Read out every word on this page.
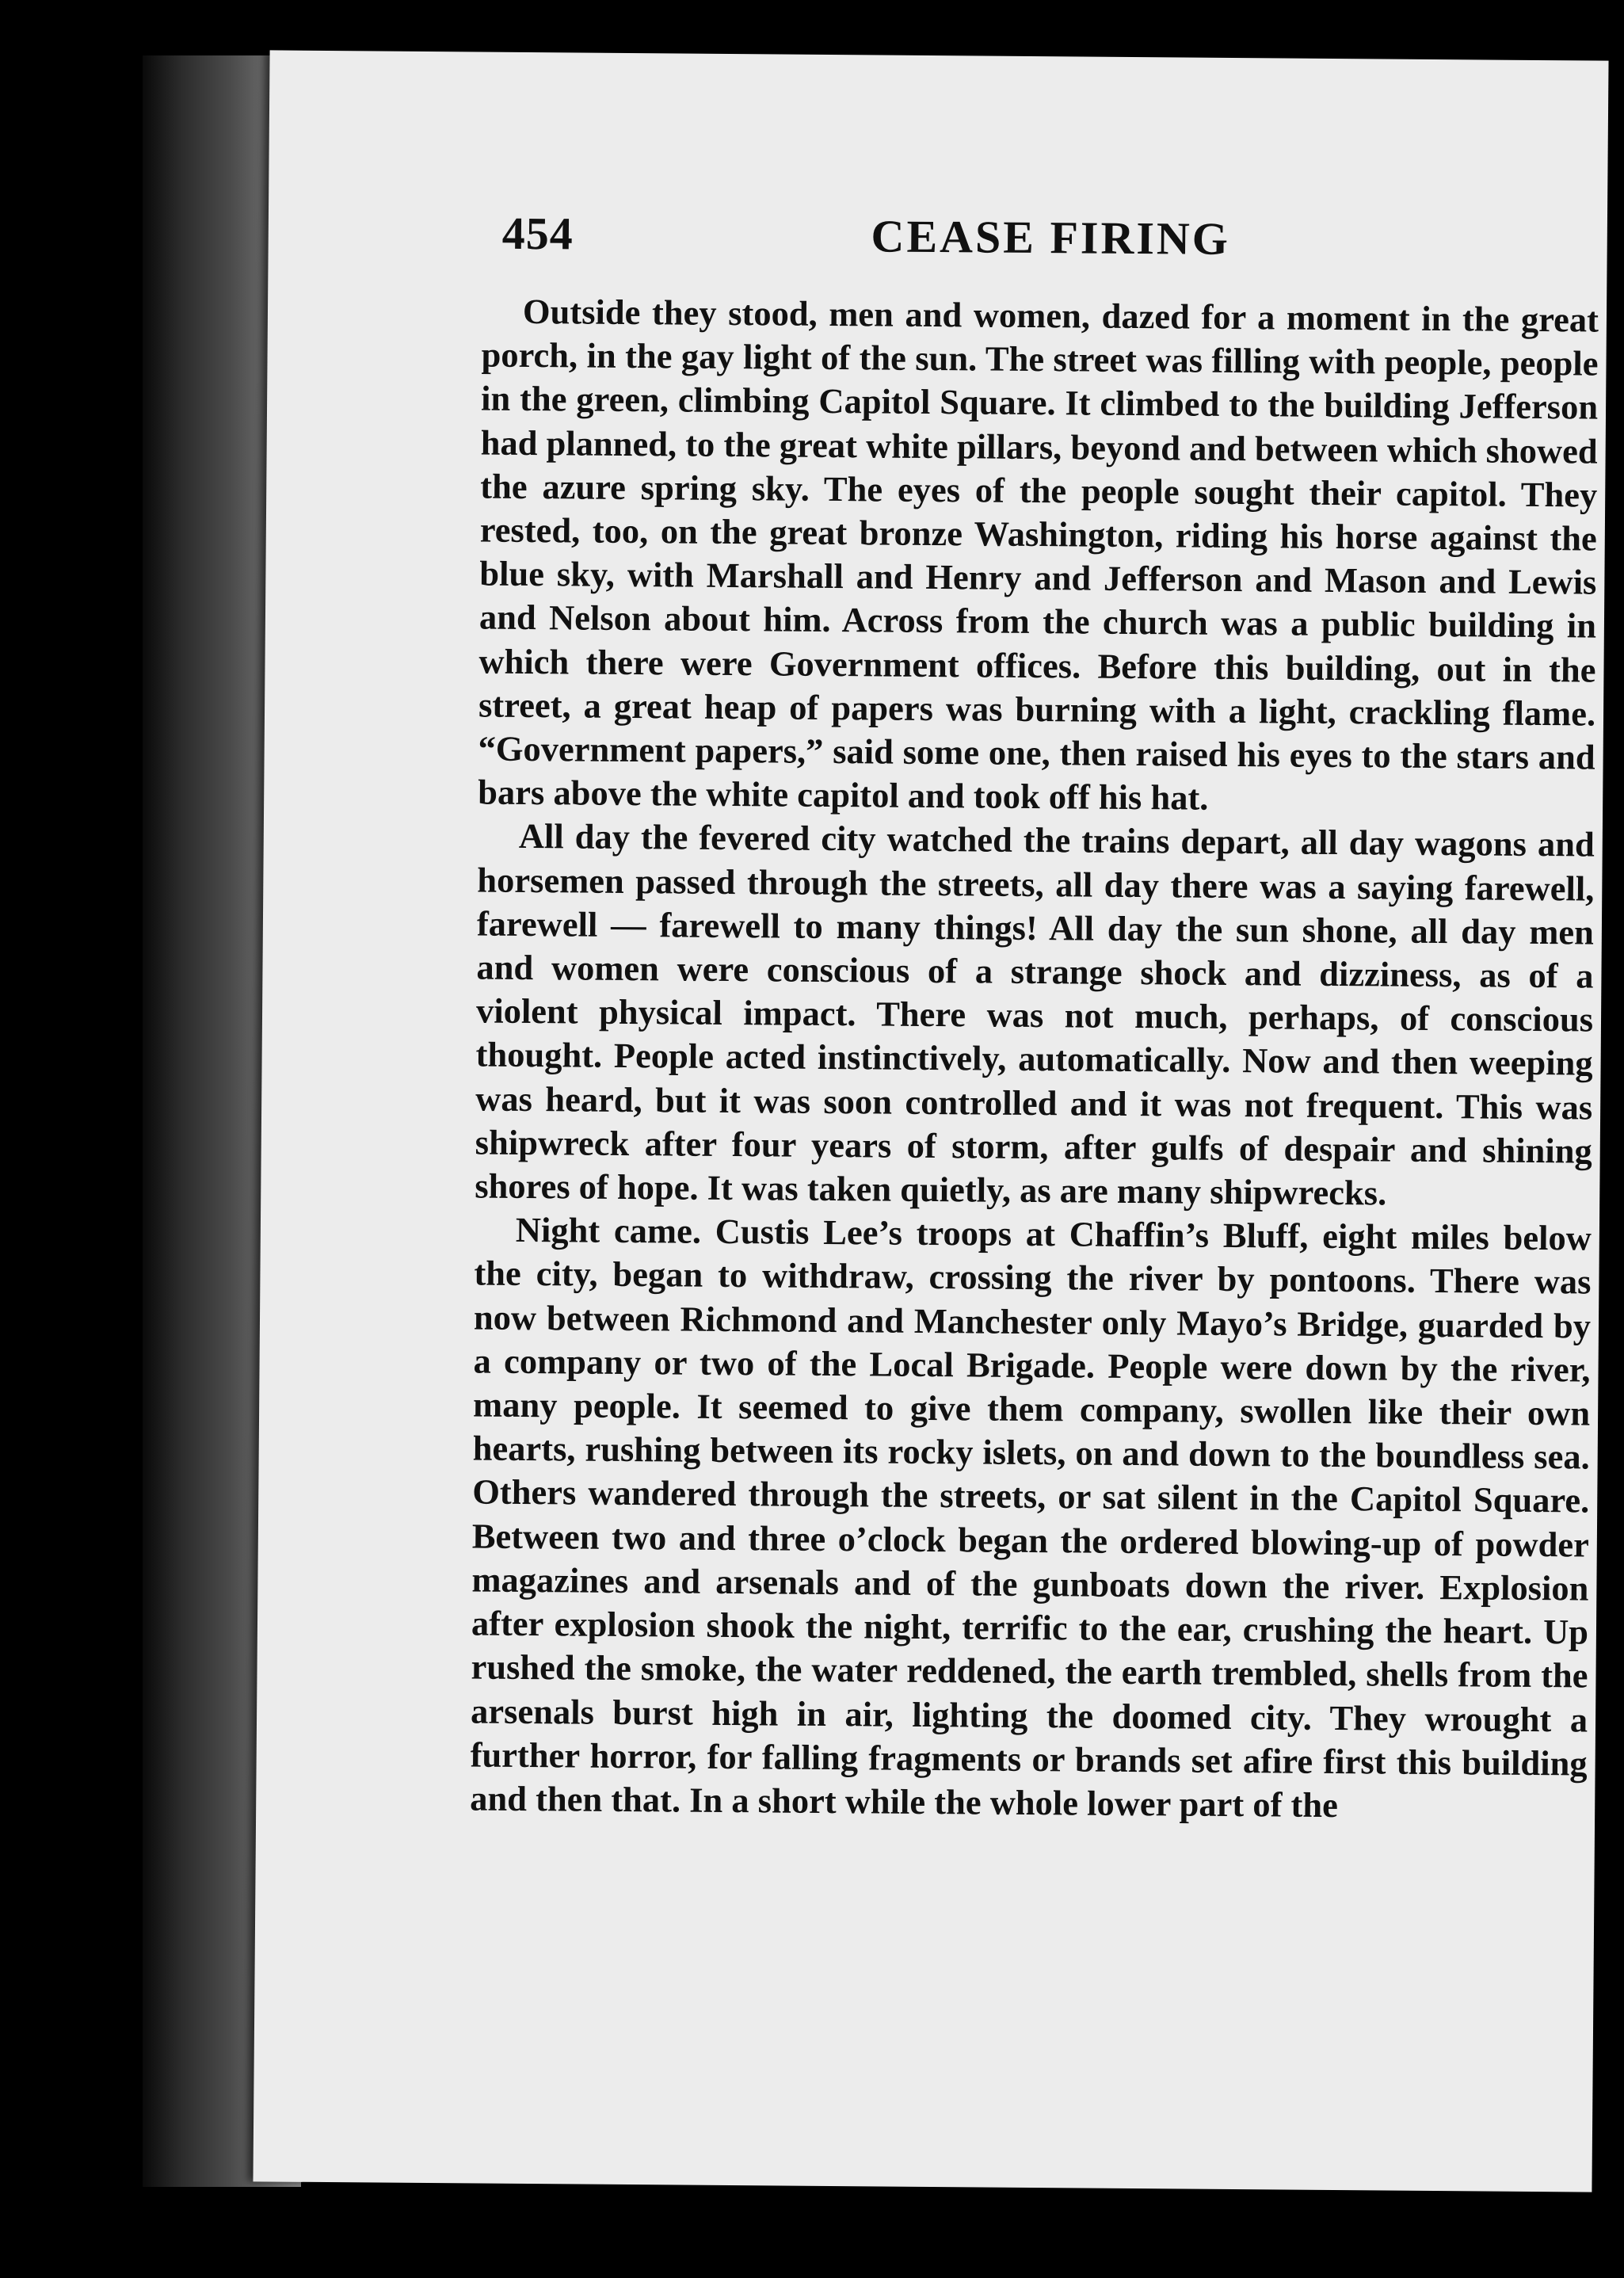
454	CEASE FIRING

Outside they stood, men and women, dazed for a moment in the great porch, in the gay light of the sun. The street was filling with people, people in the green, climbing Capitol Square. It climbed to the building Jefferson had planned, to the great white pillars, beyond and between which showed the azure spring sky. The eyes of the people sought their capitol. They rested, too, on the great bronze Washington, riding his horse against the blue sky, with Marshall and Henry and Jefferson and Mason and Lewis and Nelson about him. Across from the church was a public building in which there were Government offices. Before this building, out in the street, a great heap of papers was burning with a light, crackling flame. “Government papers,” said some one, then raised his eyes to the stars and bars above the white capitol and took off his hat.

All day the fevered city watched the trains depart, all day wagons and horsemen passed through the streets, all day there was a saying farewell, farewell — farewell to many things! All day the sun shone, all day men and women were conscious of a strange shock and dizziness, as of a violent physical impact. There was not much, perhaps, of conscious thought. People acted instinctively, automatically. Now and then weeping was heard, but it was soon controlled and it was not frequent. This was shipwreck after four years of storm, after gulfs of despair and shining shores of hope. It was taken quietly, as are many shipwrecks.

Night came. Custis Lee’s troops at Chaffin’s Bluff, eight miles below the city, began to withdraw, crossing the river by pontoons. There was now between Richmond and Manchester only Mayo’s Bridge, guarded by a company or two of the Local Brigade. People were down by the river, many people. It seemed to give them company, swollen like their own hearts, rushing between its rocky islets, on and down to the boundless sea. Others wandered through the streets, or sat silent in the Capitol Square. Between two and three o’clock began the ordered blowing-up of powder magazines and arsenals and of the gunboats down the river. Explosion after explosion shook the night, terrific to the ear, crushing the heart. Up rushed the smoke, the water reddened, the earth trembled, shells from the arsenals burst high in air, lighting the doomed city. They wrought a further horror, for falling fragments or brands set afire first this building and then that. In a short while the whole lower part of the
